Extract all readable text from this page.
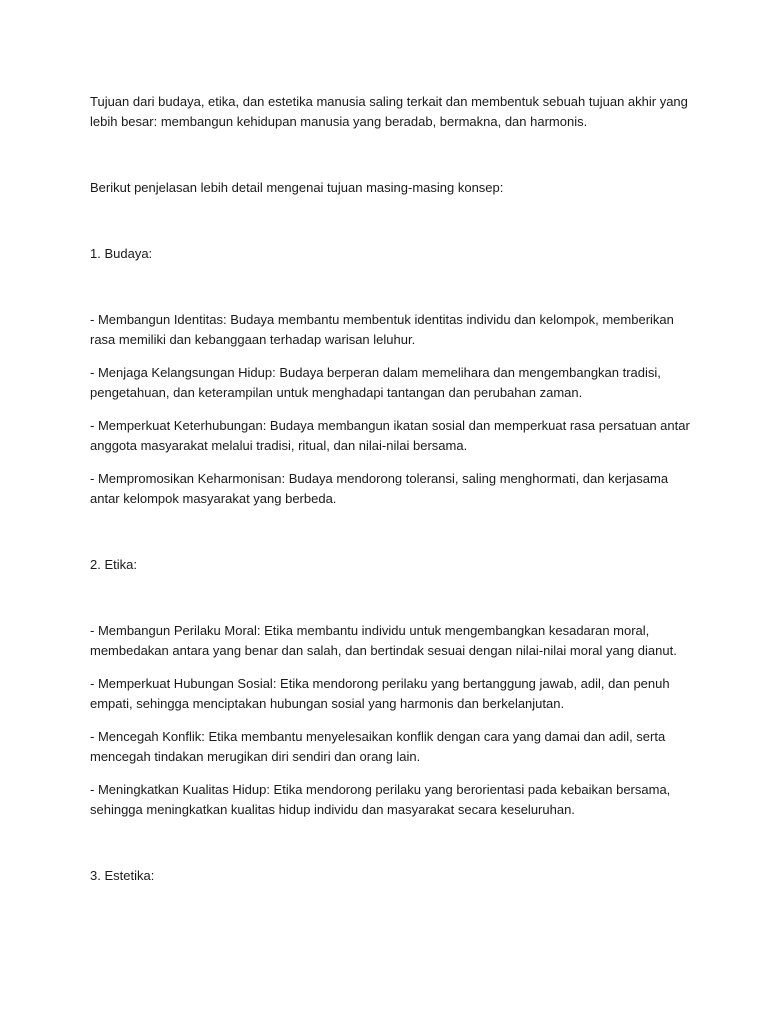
Tujuan dari budaya, etika, dan estetika manusia saling terkait dan membentuk sebuah tujuan akhir yang lebih besar: membangun kehidupan manusia yang beradab, bermakna, dan harmonis.

Berikut penjelasan lebih detail mengenai tujuan masing-masing konsep:

1. Budaya:

- Membangun Identitas: Budaya membantu membentuk identitas individu dan kelompok, memberikan rasa memiliki dan kebanggaan terhadap warisan leluhur.

- Menjaga Kelangsungan Hidup: Budaya berperan dalam memelihara dan mengembangkan tradisi, pengetahuan, dan keterampilan untuk menghadapi tantangan dan perubahan zaman.

- Memperkuat Keterhubungan: Budaya membangun ikatan sosial dan memperkuat rasa persatuan antar anggota masyarakat melalui tradisi, ritual, dan nilai-nilai bersama.

- Mempromosikan Keharmonisan: Budaya mendorong toleransi, saling menghormati, dan kerjasama antar kelompok masyarakat yang berbeda.

2. Etika:

- Membangun Perilaku Moral: Etika membantu individu untuk mengembangkan kesadaran moral, membedakan antara yang benar dan salah, dan bertindak sesuai dengan nilai-nilai moral yang dianut.

- Memperkuat Hubungan Sosial: Etika mendorong perilaku yang bertanggung jawab, adil, dan penuh empati, sehingga menciptakan hubungan sosial yang harmonis dan berkelanjutan.

- Mencegah Konflik: Etika membantu menyelesaikan konflik dengan cara yang damai dan adil, serta mencegah tindakan merugikan diri sendiri dan orang lain.

- Meningkatkan Kualitas Hidup: Etika mendorong perilaku yang berorientasi pada kebaikan bersama, sehingga meningkatkan kualitas hidup individu dan masyarakat secara keseluruhan.

3. Estetika:
